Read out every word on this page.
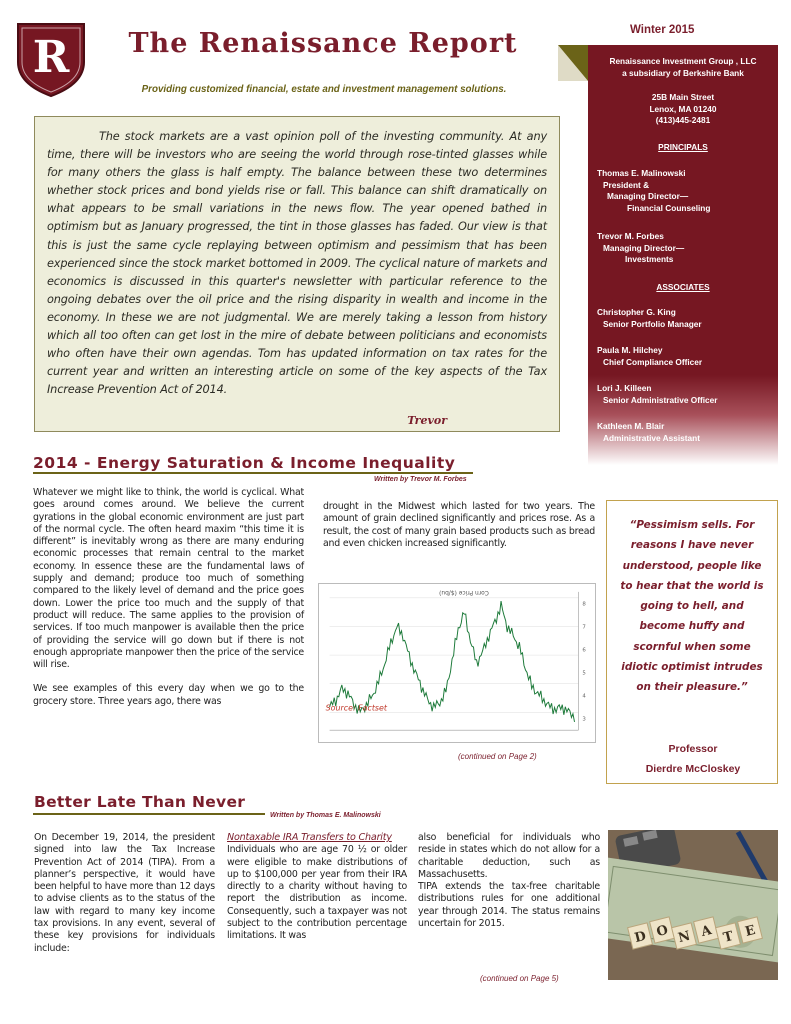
R	The Renaissance Report
Providing customized financial, estate and investment management solutions.
Winter 2015
Renaissance Investment Group , LLC
a subsidiary of Berkshire Bank
25B Main Street
Lenox, MA 01240
(413)445-2481
PRINCIPALS
Thomas E. Malinowski
President &
Managing Director—
Financial Counseling
Trevor M. Forbes
Managing Director—
Investments
ASSOCIATES
Christopher G. King
Senior Portfolio Manager
Paula M. Hilchey
Chief Compliance Officer
Lori J. Killeen
Senior Administrative Officer
Kathleen M. Blair
Administrative Assistant

The stock markets are a vast opinion poll of the investing community. At any time, there will be investors who are seeing the world through rose-tinted glasses while for many others the glass is half empty. The balance between these two determines whether stock prices and bond yields rise or fall. This balance can shift dramatically on what appears to be small variations in the news flow. The year opened bathed in optimism but as January progressed, the tint in those glasses has faded. Our view is that this is just the same cycle replaying between optimism and pessimism that has been experienced since the stock market bottomed in 2009. The cyclical nature of markets and economics is discussed in this quarter's newsletter with particular reference to the ongoing debates over the oil price and the rising disparity in wealth and income in the economy. In these we are not judgmental. We are merely taking a lesson from history which all too often can get lost in the mire of debate between politicians and economists who often have their own agendas. Tom has updated information on tax rates for the current year and written an interesting article on some of the key aspects of the Tax Increase Prevention Act of 2014.

Trevor
2014 - Energy Saturation & Income Inequality
Written by Trevor M. Forbes

Whatever we might like to think, the world is cyclical. What goes around comes around. We believe the current gyrations in the global economic environment are just part of the normal cycle. The often heard maxim “this time it is different” is inevitably wrong as there are many enduring economic processes that remain central to the market economy. In essence these are the fundamental laws of supply and demand; produce too much of something compared to the likely level of demand and the price goes down. Lower the price too much and the supply of that product will reduce. The same applies to the provision of services. If too much manpower is available then the price of providing the service will go down but if there is not enough appropriate manpower then the price of the service will rise.

We see examples of this every day when we go to the grocery store. Three years ago, there was

drought in the Midwest which lasted for two years. The amount of grain declined significantly and prices rose. As a result, the cost of many grain based products such as bread and even chicken increased significantly.

Corn Price ($/bu)
8
7
6
5
4
3
Source: Factset
(continued on Page 2)
“Pessimism sells. For reasons I have never understood, people like to hear that the world is going to hell, and become huffy and scornful when some idiotic optimist intrudes on their pleasure.”
Professor
Dierdre McCloskey
Better Late Than Never
Written by Thomas E. Malinowski

On December 19, 2014, the president signed into law the Tax Increase Prevention Act of 2014 (TIPA). From a planner’s perspective, it would have been helpful to have more than 12 days to advise clients as to the status of the law with regard to many key income tax provisions. In any event, several of these key provisions for individuals include:

Nontaxable IRA Transfers to Charity

Individuals who are age 70 ½ or older were eligible to make distributions of up to $100,000 per year from their IRA directly to a charity without having to report the distribution as income. Consequently, such a taxpayer was not subject to the contribution percentage limitations. It was

also beneficial for individuals who reside in states which do not allow for a charitable deduction, such as Massachusetts.

TIPA extends the tax-free charitable distributions rules for one additional year through 2014. The status remains uncertain for 2015.

(continued on Page 5)
D O N A T E
